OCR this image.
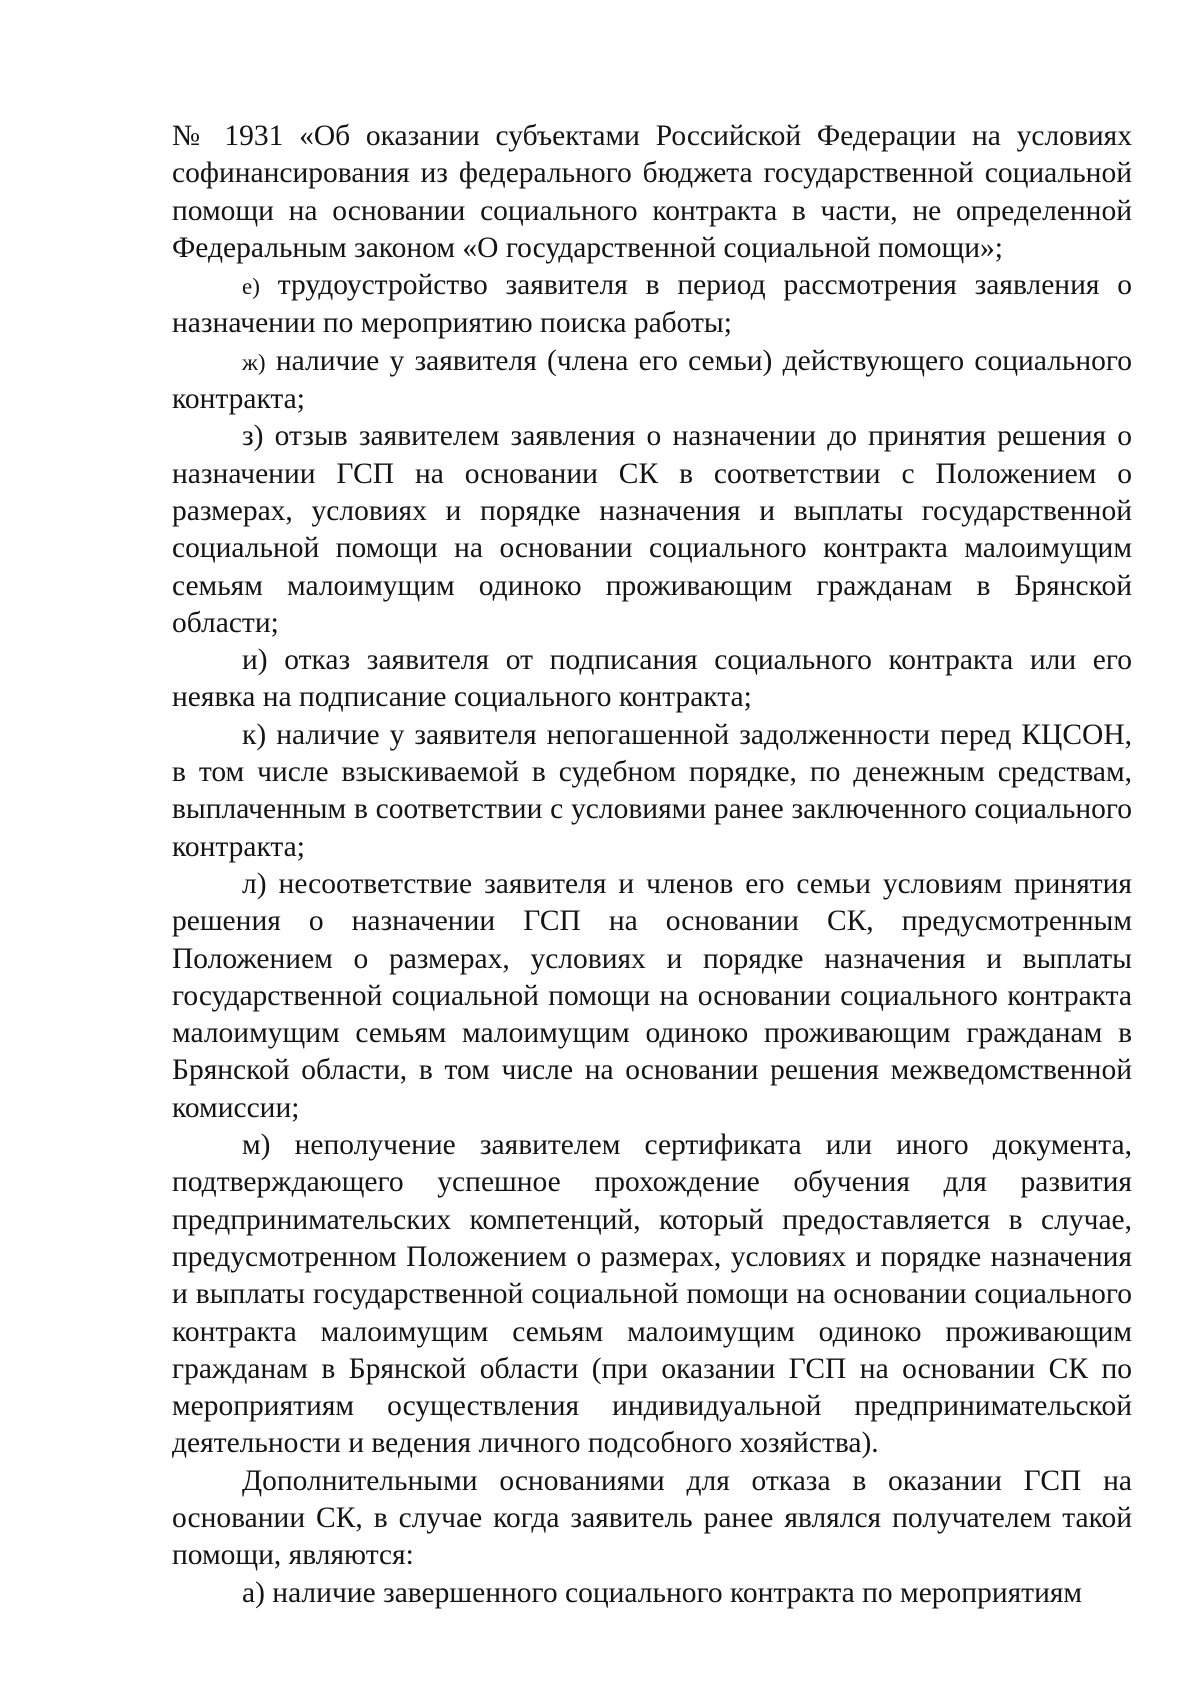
№ 1931 «Об оказании субъектами Российской Федерации на условиях софинансирования из федерального бюджета государственной социальной помощи на основании социального контракта в части, не определенной Федеральным законом «О государственной социальной помощи»;

е) трудоустройство заявителя в период рассмотрения заявления о назначении по мероприятию поиска работы;

ж) наличие у заявителя (члена его семьи) действующего социального контракта;

з) отзыв заявителем заявления о назначении до принятия решения о назначении ГСП на основании СК в соответствии с Положением о размерах, условиях и порядке назначения и выплаты государственной социальной помощи на основании социального контракта малоимущим семьям малоимущим одиноко проживающим гражданам в Брянской области;

и) отказ заявителя от подписания социального контракта или его неявка на подписание социального контракта;

к) наличие у заявителя непогашенной задолженности перед КЦСОН, в том числе взыскиваемой в судебном порядке, по денежным средствам, выплаченным в соответствии с условиями ранее заключенного социального контракта;

л) несоответствие заявителя и членов его семьи условиям принятия решения о назначении ГСП на основании СК, предусмотренным Положением о размерах, условиях и порядке назначения и выплаты государственной социальной помощи на основании социального контракта малоимущим семьям малоимущим одиноко проживающим гражданам в Брянской области, в том числе на основании решения межведомственной комиссии;

м) неполучение заявителем сертификата или иного документа, подтверждающего успешное прохождение обучения для развития предпринимательских компетенций, который предоставляется в случае, предусмотренном Положением о размерах, условиях и порядке назначения и выплаты государственной социальной помощи на основании социального контракта малоимущим семьям малоимущим одиноко проживающим гражданам в Брянской области (при оказании ГСП на основании СК по мероприятиям осуществления индивидуальной предпринимательской деятельности и ведения личного подсобного хозяйства).

Дополнительными основаниями для отказа в оказании ГСП на основании СК, в случае когда заявитель ранее являлся получателем такой помощи, являются:

а) наличие завершенного социального контракта по мероприятиям
